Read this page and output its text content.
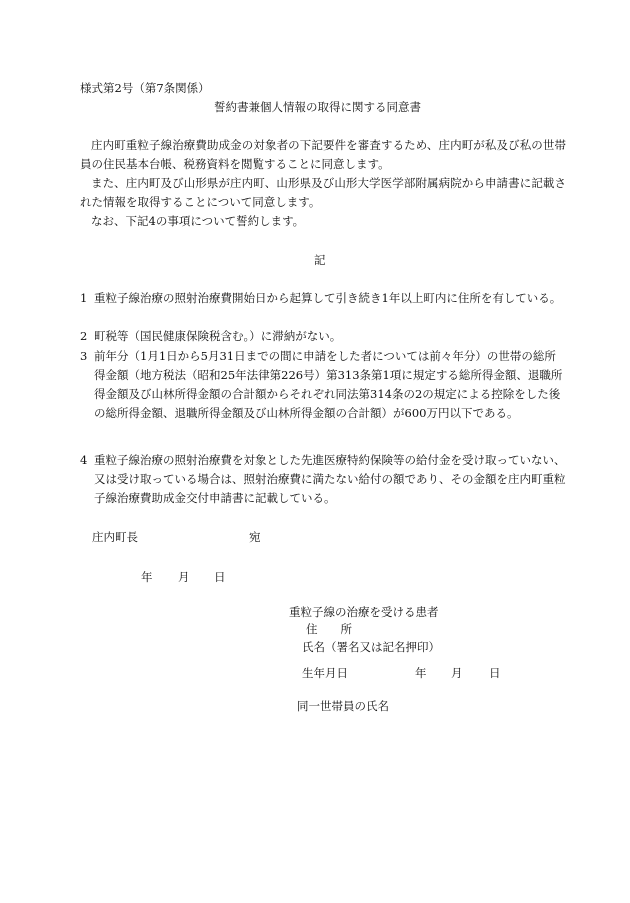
様式第2号（第7条関係）
誓約書兼個人情報の取得に関する同意書
庄内町重粒子線治療費助成金の対象者の下記要件を審査するため、庄内町が私及び私の世帯員の住民基本台帳、税務資料を閲覧することに同意します。
また、庄内町及び山形県が庄内町、山形県及び山形大学医学部附属病院から申請書に記載された情報を取得することについて同意します。
なお、下記4の事項について誓約します。
記
1 重粒子線治療の照射治療費開始日から起算して引き続き1年以上町内に住所を有している。
2 町税等（国民健康保険税含む。）に滞納がない。
3 前年分（1月1日から5月31日までの間に申請をした者については前々年分）の世帯の総所得金額（地方税法（昭和25年法律第226号）第313条第1項に規定する総所得金額、退職所得金額及び山林所得金額の合計額からそれぞれ同法第314条の2の規定による控除をした後の総所得金額、退職所得金額及び山林所得金額の合計額）が600万円以下である。
4 重粒子線治療の照射治療費を対象とした先進医療特約保険等の給付金を受け取っていない、又は受け取っている場合は、照射治療費に満たない給付の額であり、その金額を庄内町重粒子線治療費助成金交付申請書に記載している。
庄内町長	宛
年 月 日
重粒子線の治療を受ける患者
住　　所
氏名（署名又は記名押印）
生年月日	年 月 日
同一世帯員の氏名
